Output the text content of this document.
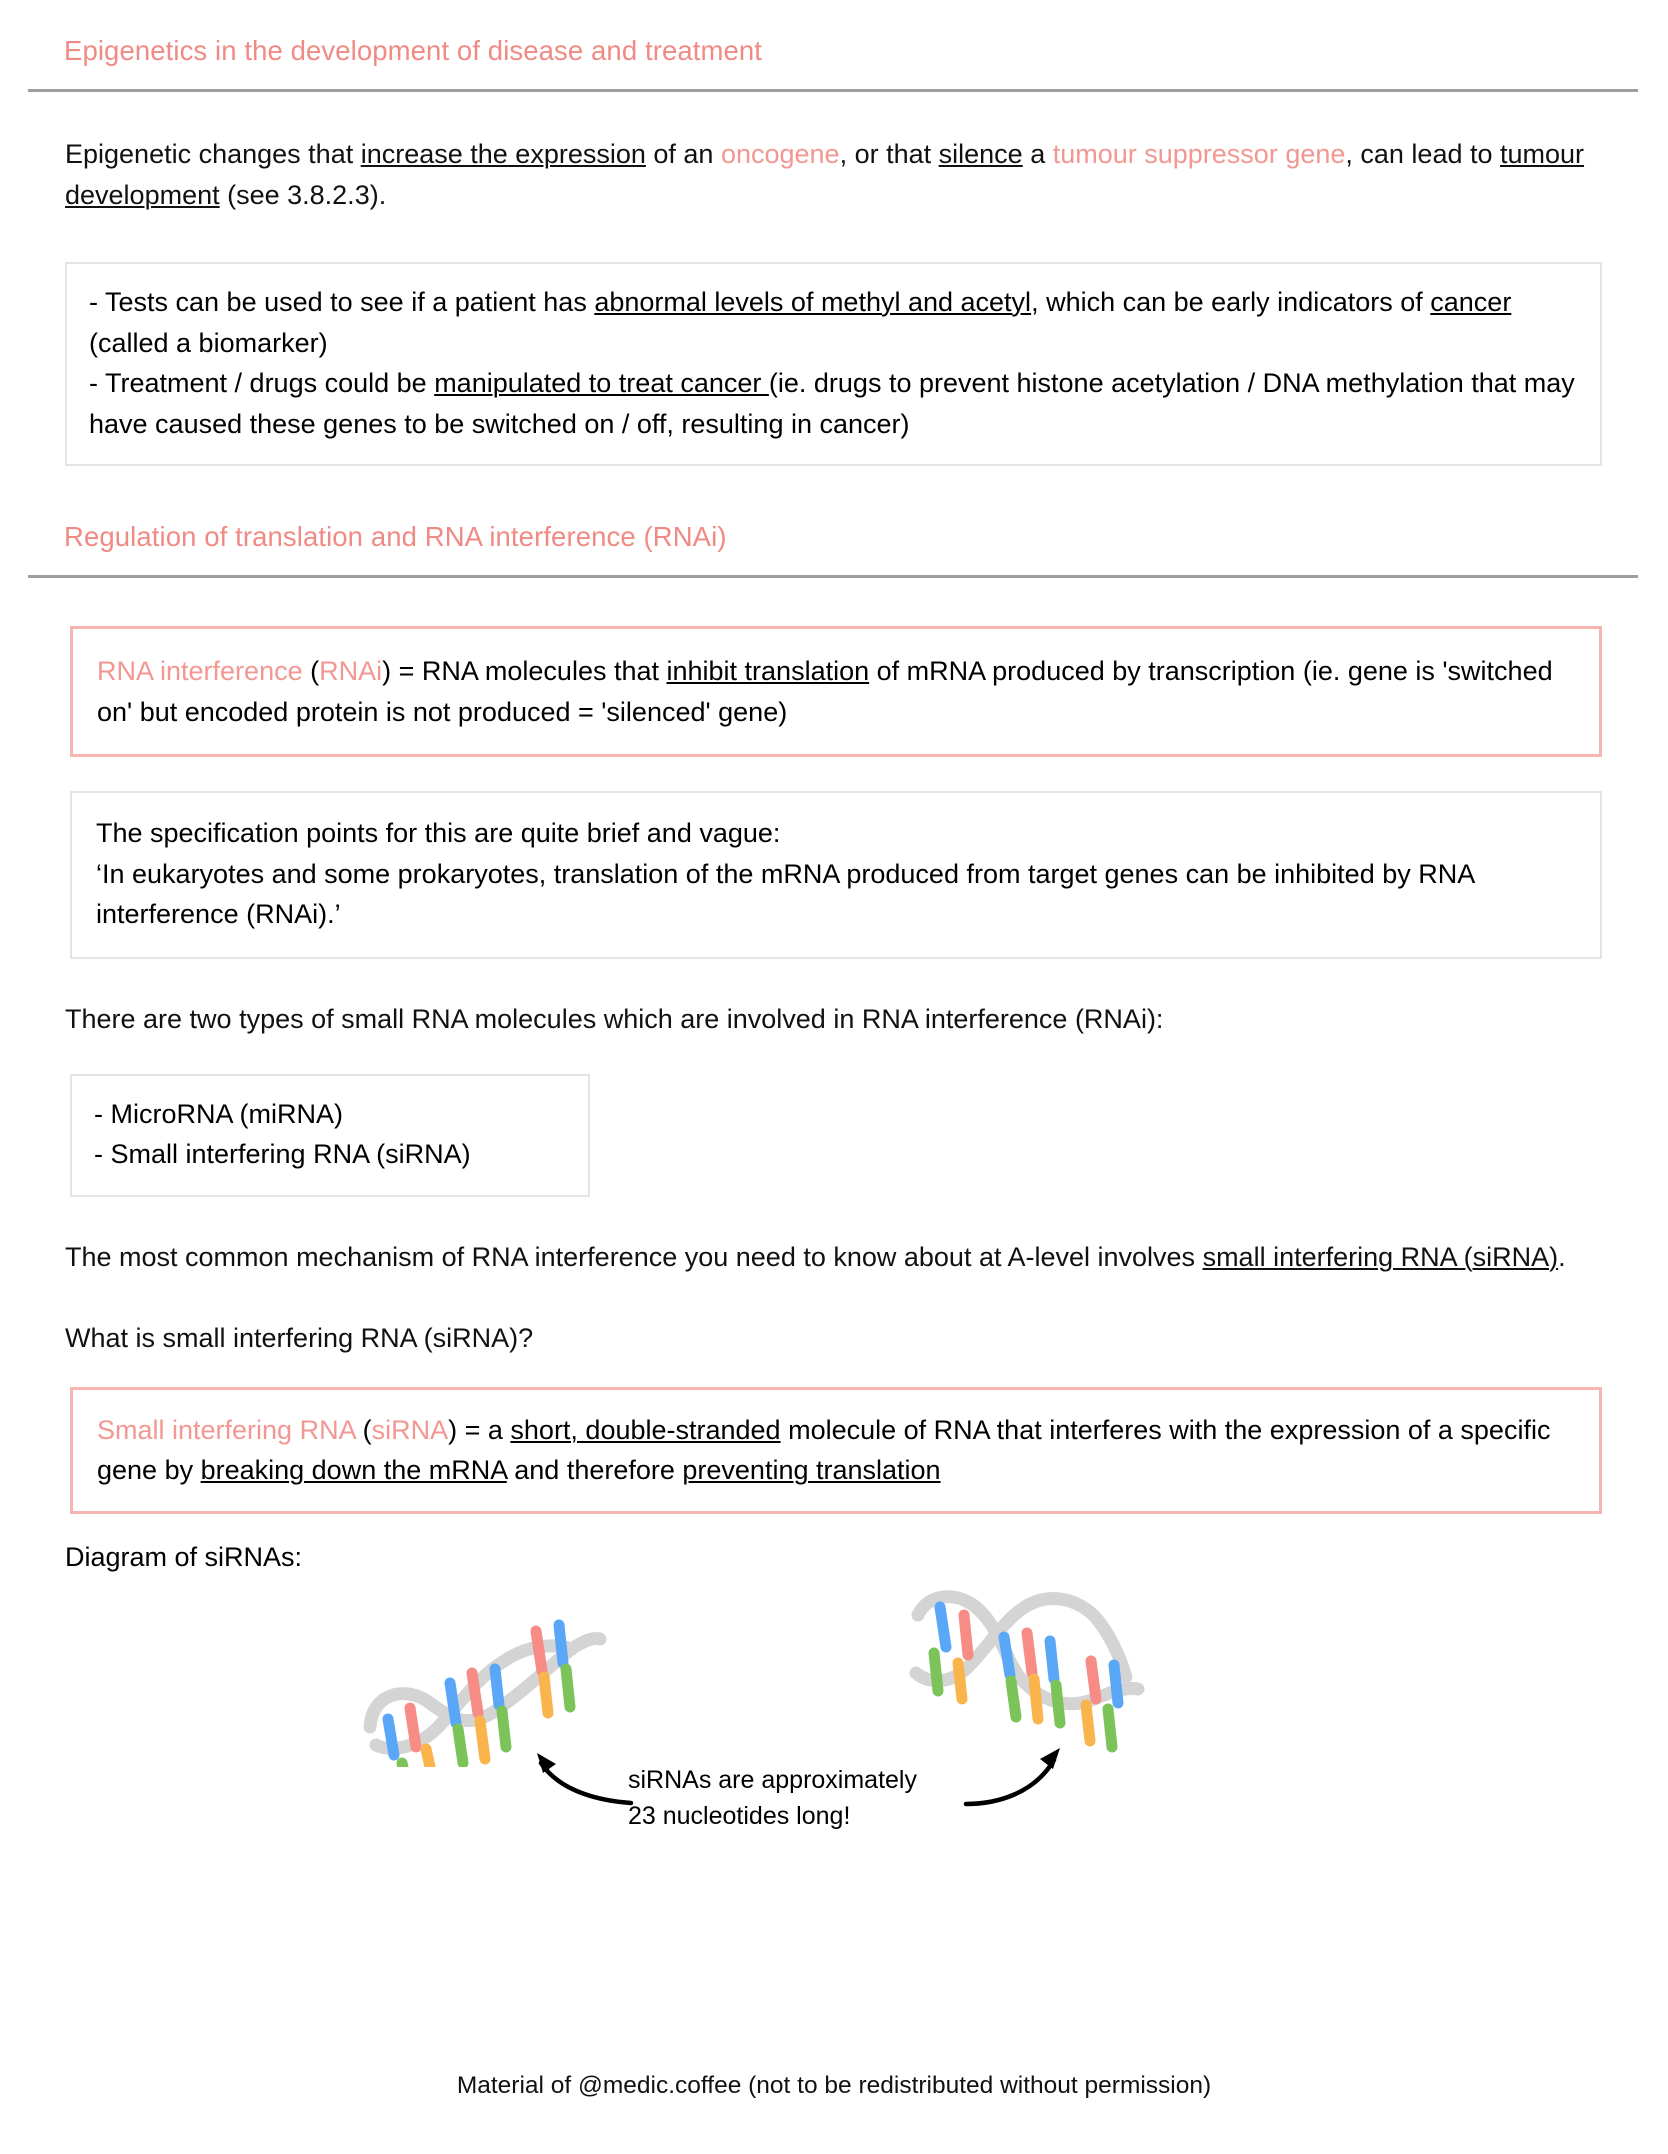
Epigenetics in the development of disease and treatment

Epigenetic changes that increase the expression of an oncogene, or that silence a tumour suppressor gene, can lead to tumour development (see 3.8.2.3).

- Tests can be used to see if a patient has abnormal levels of methyl and acetyl, which can be early indicators of cancer (called a biomarker)
- Treatment / drugs could be manipulated to treat cancer (ie. drugs to prevent histone acetylation / DNA methylation that may have caused these genes to be switched on / off, resulting in cancer)
Regulation of translation and RNA interference (RNAi)
RNA interference (RNAi) = RNA molecules that inhibit translation of mRNA produced by transcription (ie. gene is 'switched on' but encoded protein is not produced = 'silenced' gene)
The specification points for this are quite brief and vague:
‘In eukaryotes and some prokaryotes, translation of the mRNA produced from target genes can be inhibited by RNA interference (RNAi).’
There are two types of small RNA molecules which are involved in RNA interference (RNAi):
- MicroRNA (miRNA)
- Small interfering RNA (siRNA)

The most common mechanism of RNA interference you need to know about at A-level involves small interfering RNA (siRNA).

What is small interfering RNA (siRNA)?
Small interfering RNA (siRNA) = a short, double-stranded molecule of RNA that interferes with the expression of a specific gene by breaking down the mRNA and therefore preventing translation
Diagram of siRNAs:
siRNAs are approximately
23 nucleotides long!
Material of @medic.coffee (not to be redistributed without permission)
